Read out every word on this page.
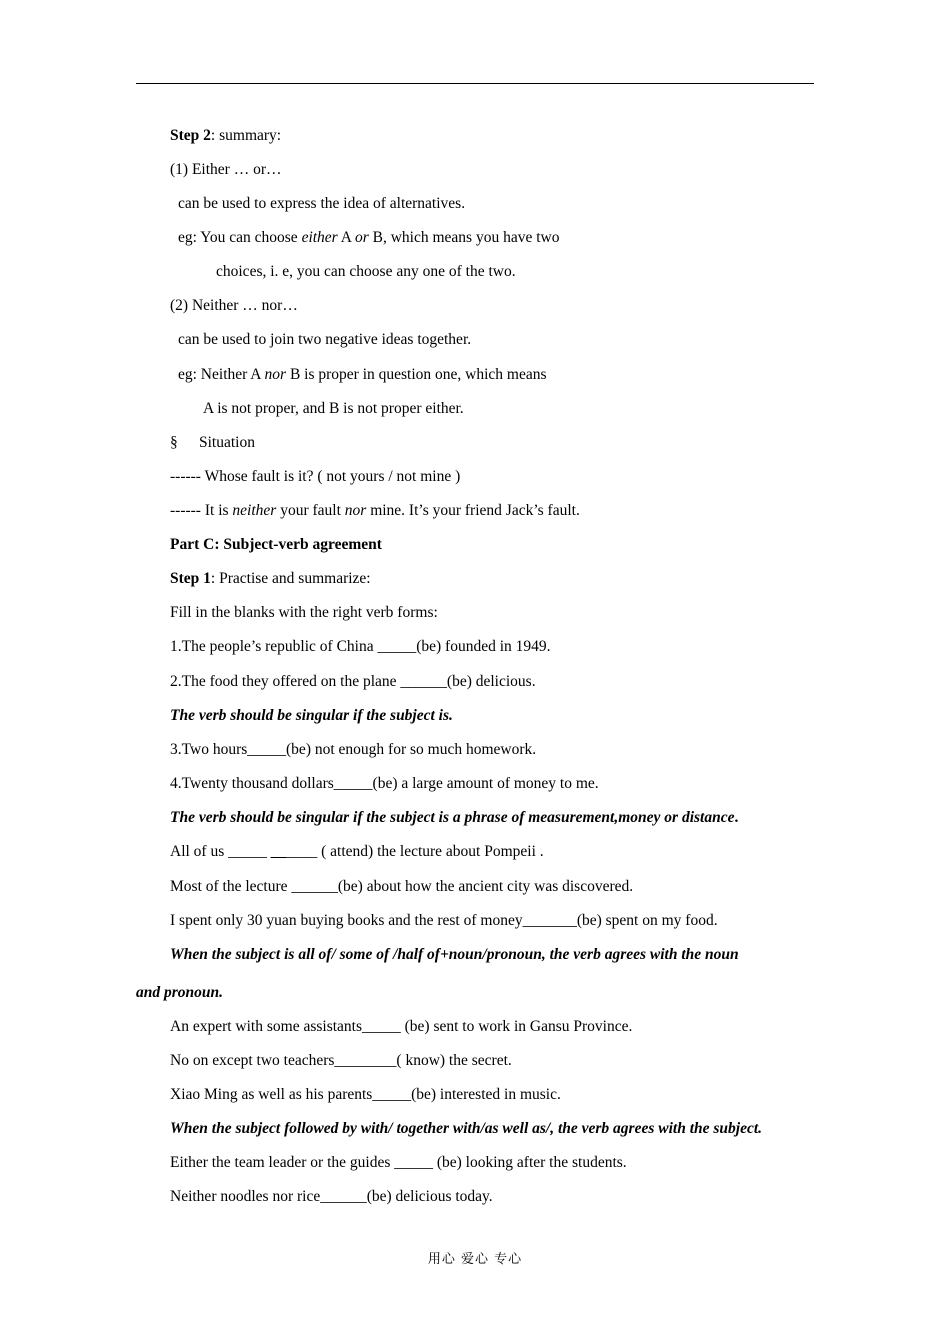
Step 2: summary:
(1) Either … or…
can be used to express the idea of alternatives.
eg: You can choose either A or B, which means you have two
choices, i. e, you can choose any one of the two.
(2) Neither … nor…
can be used to join two negative ideas together.
eg: Neither A nor B is proper in question one, which means
A is not proper, and B is not proper either.
§ Situation
------ Whose fault is it? ( not yours / not mine )
------ It is neither your fault nor mine. It’s your friend Jack’s fault.
Part C: Subject-verb agreement
Step 1: Practise and summarize:
Fill in the blanks with the right verb forms:
1.The people’s republic of China _____(be) founded in 1949.
2.The food they offered on the plane ______(be) delicious.
The verb should be singular if the subject is.
3.Two hours_____(be) not enough for so much homework.
4.Twenty thousand dollars_____(be) a large amount of money to me.
The verb should be singular if the subject is a phrase of measurement,money or distance.
All of us _____ ______ ( attend) the lecture about Pompeii .
Most of the lecture ______(be) about how the ancient city was discovered.
I spent only 30 yuan buying books and the rest of money_______(be) spent on my food.
When the subject is all of/ some of /half of+noun/pronoun, the verb agrees with the noun
and pronoun.
An expert with some assistants_____ (be) sent to work in Gansu Province.
No on except two teachers________( know) the secret.
Xiao Ming as well as his parents_____(be) interested in music.
When the subject followed by with/ together with/as well as/, the verb agrees with the subject.
Either the team leader or the guides _____ (be) looking after the students.
Neither noodles nor rice______(be) delicious today.
用心 爱心 专心
